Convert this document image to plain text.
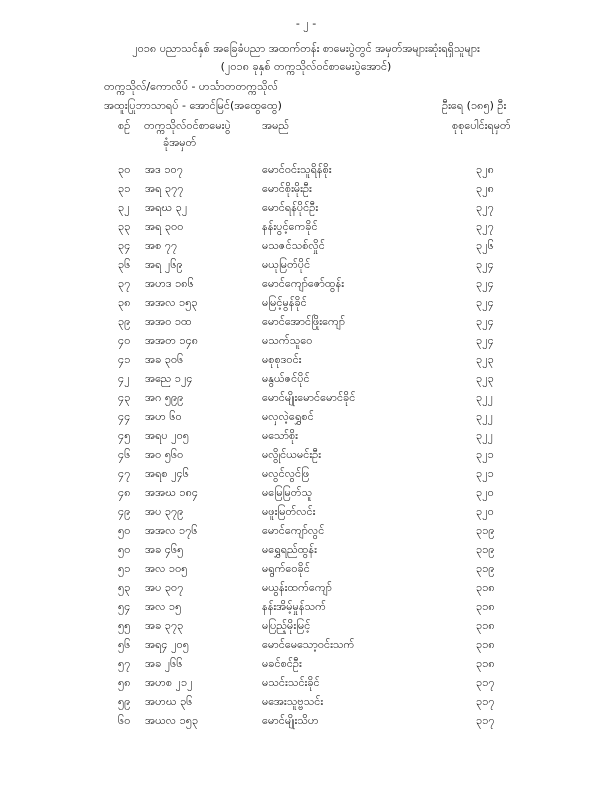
- ၂ -
၂၀၁၈ ပညာသင်နှစ် အခြေခံပညာ အထက်တန်း စာမေးပွဲတွင် အမှတ်အများဆုံးရရှိသူများ
(၂၀၁၈ ခုနှစ် တက္ကသိုလ်ဝင်စာမေးပွဲအောင်)
တက္ကသိုလ်/ကောလိပ် - ဟင်္သာတတက္ကသိုလ်
အထူးပြုဘာသာရပ် - အောင်မြင်(အထွေထွေ)	ဦးရေ (၁၈၅) ဦး
စဉ် တက္ကသိုလ်ဝင်စာမေးပွဲ
ခုံအမှတ်
အမည်	စုစုပေါင်းရမှတ်
၃၀ အဒ ၁၀၇	မောင်ဝင်းသူရိန်စိုး	၃၂၈
၃၁ အရ ၃၇၇	မောင်စိုးမိုးဦး	၃၂၈
၃၂ အရဃ ၃၂	မောင်ရန်ပိုင်ဦး	၃၂၇
၃၃ အရ ၃၀၀	နန်းပွင့်ကေခိုင်	၃၂၇
၃၄ အစ ၇၇	မသဇင်သစ်လှိုင်	၃၂၆
၃၆ အရ ၂၆၉	မယုမြတ်ပိုင်	၃၂၄
၃၇ အဟဒ ၁၈၆	မောင်ကျော်ဇော်ထွန်း	၃၂၄
၃၈ အအလ ၁၅၃	မမြင့်မွန်ခိုင်	၃၂၄
၃၉ အအဝ ၁ထ	မောင်အောင်ဖြိုးကျော်	၃၂၄
၄၀ အအတ ၁၄၈	မသက်သူဝေ	၃၂၄
၄၁ အခ ၃၀၆	မစုစုဒဝင်း	၃၂၃
၄၂ အညေ ၁၂၄	မနွယ်ဇင်ပိုင်	၃၂၃
၄၃ အဂ ၅၉၉	မောင်မျိုးမောင်မောင်ခိုင်	၃၂၂
၄၄ အဟ ၆၀	မလှလဲ့ရွှေစင်	၃၂၂
၄၅ အရပ ၂၀၅	မသော်စိုး	၃၂၂
၄၆ အဝ ၅၆၀	မလွိုင်ယမင်းဦး	၃၂၁
၄၇ အရစ ၂၄၆	မလွင်လွင်ဖြ	၃၂၁
၄၈ အအဃ ၁၈၄	မမြေမြတ်သူ	၃၂၀
၄၉ အပ ၃၇၉	မဖူးမြတ်လင်း	၃၂၀
၅၀ အအလ ၁၇၆	မောင်ကျော်လွင်	၃၁၉
၅၀ အခ ၄၆၅	မရွှေရည်ထွန်း	၃၁၉
၅၁ အလ ၁၀၅	မရွက်ဝေခိုင်	၃၁၉
၅၃ အပ ၃၀၇	မယွန်းထက်ကျော်	၃၁၈
၅၄ အလ ၁၅	နန်းအိမ့်မှုန်သက်	၃၁၈
၅၅ အခ ၃၇၃	မပြည့်မိုးမြင့်	၃၁၈
၅၆ အရ၄ ၂၀၅	မောင်မေသော့ဝင်းသက်	၃၁၈
၅၇ အခ ၂၆၆	မခင်စင်ဦး	၃၁၈
၅၈ အဟစ ၂၁၂	မသင်းသင်းခိုင်	၃၁၇
၅၉ အဟဃ ၃၆	မအေးသူဗ္ဗသင်း	၃၁၇
၆၀ အယလ ၁၅၃	မောင်မျိုးသိဟ	၃၁၇
